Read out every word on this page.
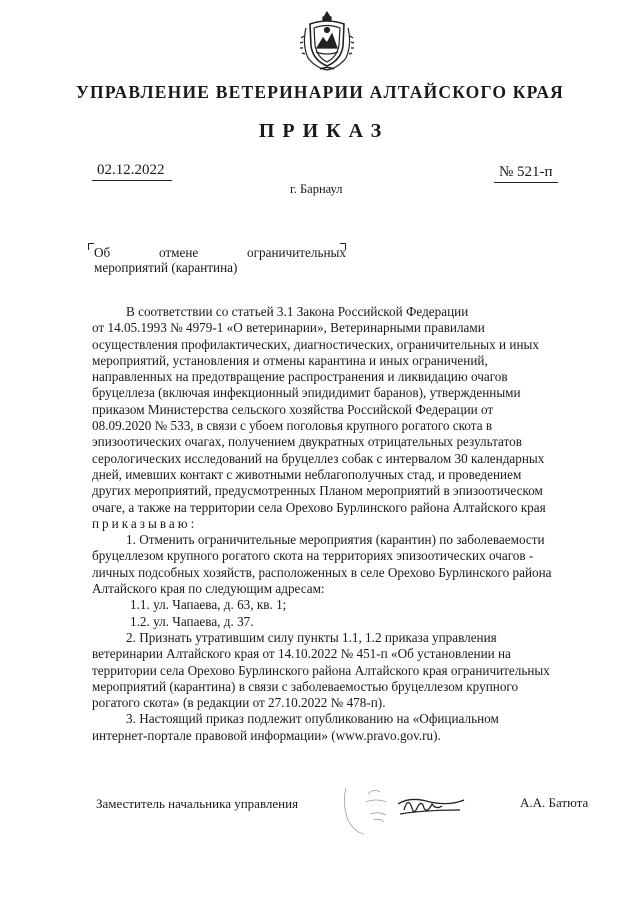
УПРАВЛЕНИЕ ВЕТЕРИНАРИИ АЛТАЙСКОГО КРАЯ
ПРИКАЗ
02.12.2022	№ 521-п
г. Барнаул
Об	отмене	ограничительных
мероприятий (карантина)

В соответствии со статьей 3.1 Закона Российской Федерации

от 14.05.1993 № 4979-1 «О ветеринарии», Ветеринарными правилами

осуществления профилактических, диагностических, ограничительных и иных

мероприятий, установления и отмены карантина и иных ограничений,

направленных на предотвращение распространения и ликвидацию очагов

бруцеллеза (включая инфекционный эпидидимит баранов), утвержденными

приказом Министерства сельского хозяйства Российской Федерации от

08.09.2020 № 533, в связи с убоем поголовья крупного рогатого скота в

эпизоотических очагах, получением двукратных отрицательных результатов

серологических исследований на бруцеллез собак с интервалом 30 календарных

дней, имевших контакт с животными неблагополучных стад, и проведением

других мероприятий, предусмотренных Планом мероприятий в эпизоотическом

очаге, а также на территории села Орехово Бурлинского района Алтайского края

приказываю:

1. Отменить ограничительные мероприятия (карантин) по заболеваемости

бруцеллезом крупного рогатого скота на территориях эпизоотических очагов -

личных подсобных хозяйств, расположенных в селе Орехово Бурлинского района

Алтайского края по следующим адресам:

1.1. ул. Чапаева, д. 63, кв. 1;

1.2. ул. Чапаева, д. 37.

2. Признать утратившим силу пункты 1.1, 1.2 приказа управления

ветеринарии Алтайского края от 14.10.2022 № 451-п «Об установлении на

территории села Орехово Бурлинского района Алтайского края ограничительных

мероприятий (карантина) в связи с заболеваемостью бруцеллезом крупного

рогатого скота» (в редакции от 27.10.2022 № 478-п).

3. Настоящий приказ подлежит опубликованию на «Официальном

интернет-портале правовой информации» (www.pravo.gov.ru).

Заместитель начальника управления	А.А. Батюта
